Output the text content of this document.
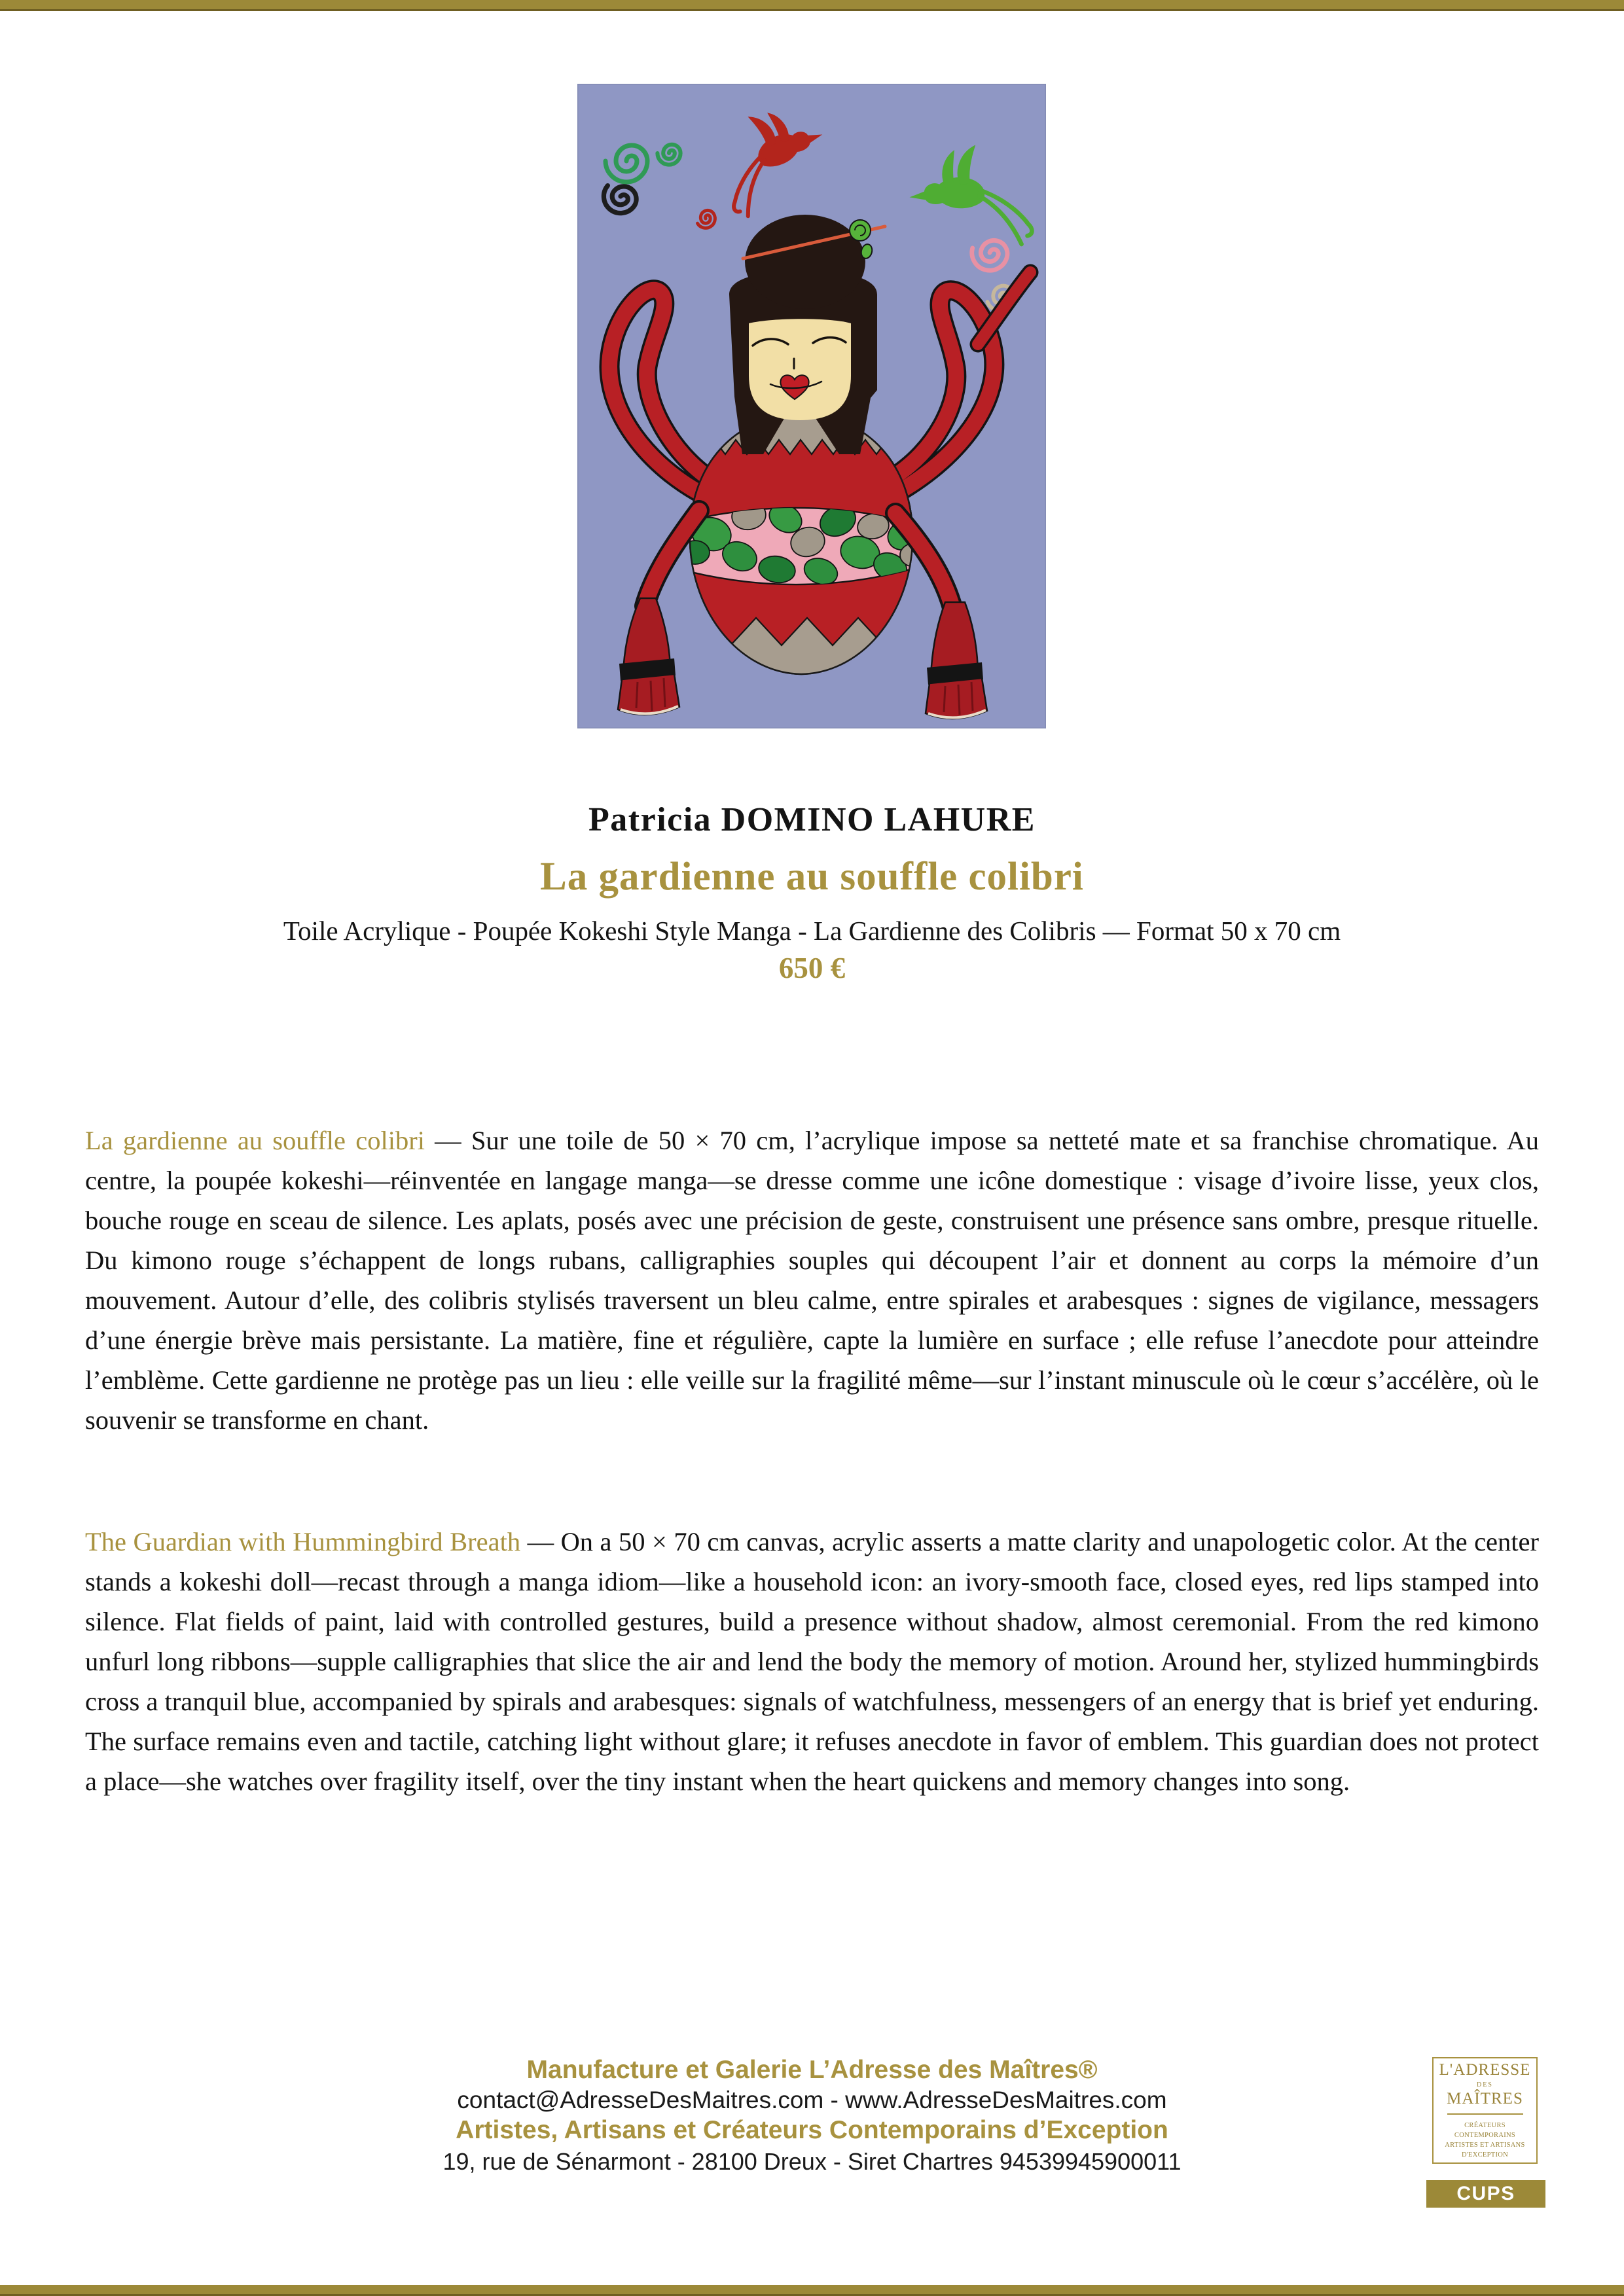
Patricia DOMINO LAHURE
La gardienne au souffle colibri
Toile Acrylique - Poupée Kokeshi Style Manga - La Gardienne des Colibris — Format 50 x 70 cm
650 €

La gardienne au souffle colibri — Sur une toile de 50 × 70 cm, l’acrylique impose sa netteté mate et sa franchise chromatique. Au centre, la poupée kokeshi—réinventée en langage manga—se dresse comme une icône domestique : visage d’ivoire lisse, yeux clos, bouche rouge en sceau de silence. Les aplats, posés avec une précision de geste, construisent une présence sans ombre, presque rituelle. Du kimono rouge s’échappent de longs rubans, calligraphies souples qui découpent l’air et donnent au corps la mémoire d’un mouvement. Autour d’elle, des colibris stylisés traversent un bleu calme, entre spirales et arabesques : signes de vigilance, messagers d’une énergie brève mais persistante. La matière, fine et régulière, capte la lumière en surface ; elle refuse l’anecdote pour atteindre l’emblème. Cette gardienne ne protège pas un lieu : elle veille sur la fragilité même—sur l’instant minuscule où le cœur s’accélère, où le souvenir se transforme en chant.

The Guardian with Hummingbird Breath — On a 50 × 70 cm canvas, acrylic asserts a matte clarity and unapologetic color. At the center stands a kokeshi doll—recast through a manga idiom—like a household icon: an ivory-smooth face, closed eyes, red lips stamped into silence. Flat fields of paint, laid with controlled gestures, build a presence without shadow, almost ceremonial. From the red kimono unfurl long ribbons—supple calligraphies that slice the air and lend the body the memory of motion. Around her, stylized hummingbirds cross a tranquil blue, accompanied by spirals and arabesques: signals of watchfulness, messengers of an energy that is brief yet enduring. The surface remains even and tactile, catching light without glare; it refuses anecdote in favor of emblem. This guardian does not protect a place—she watches over fragility itself, over the tiny instant when the heart quickens and memory changes into song.

Manufacture et Galerie L’Adresse des Maîtres®
contact@AdresseDesMaitres.com - www.AdresseDesMaitres.com
Artistes, Artisans et Créateurs Contemporains d’Exception
19, rue de Sénarmont - 28100 Dreux - Siret Chartres 94539945900011
L'ADRESSE
DES
MAÎTRES
CRÉATEURS CONTEMPORAINS
ARTISTES ET ARTISANS
D'EXCEPTION
CUPS
